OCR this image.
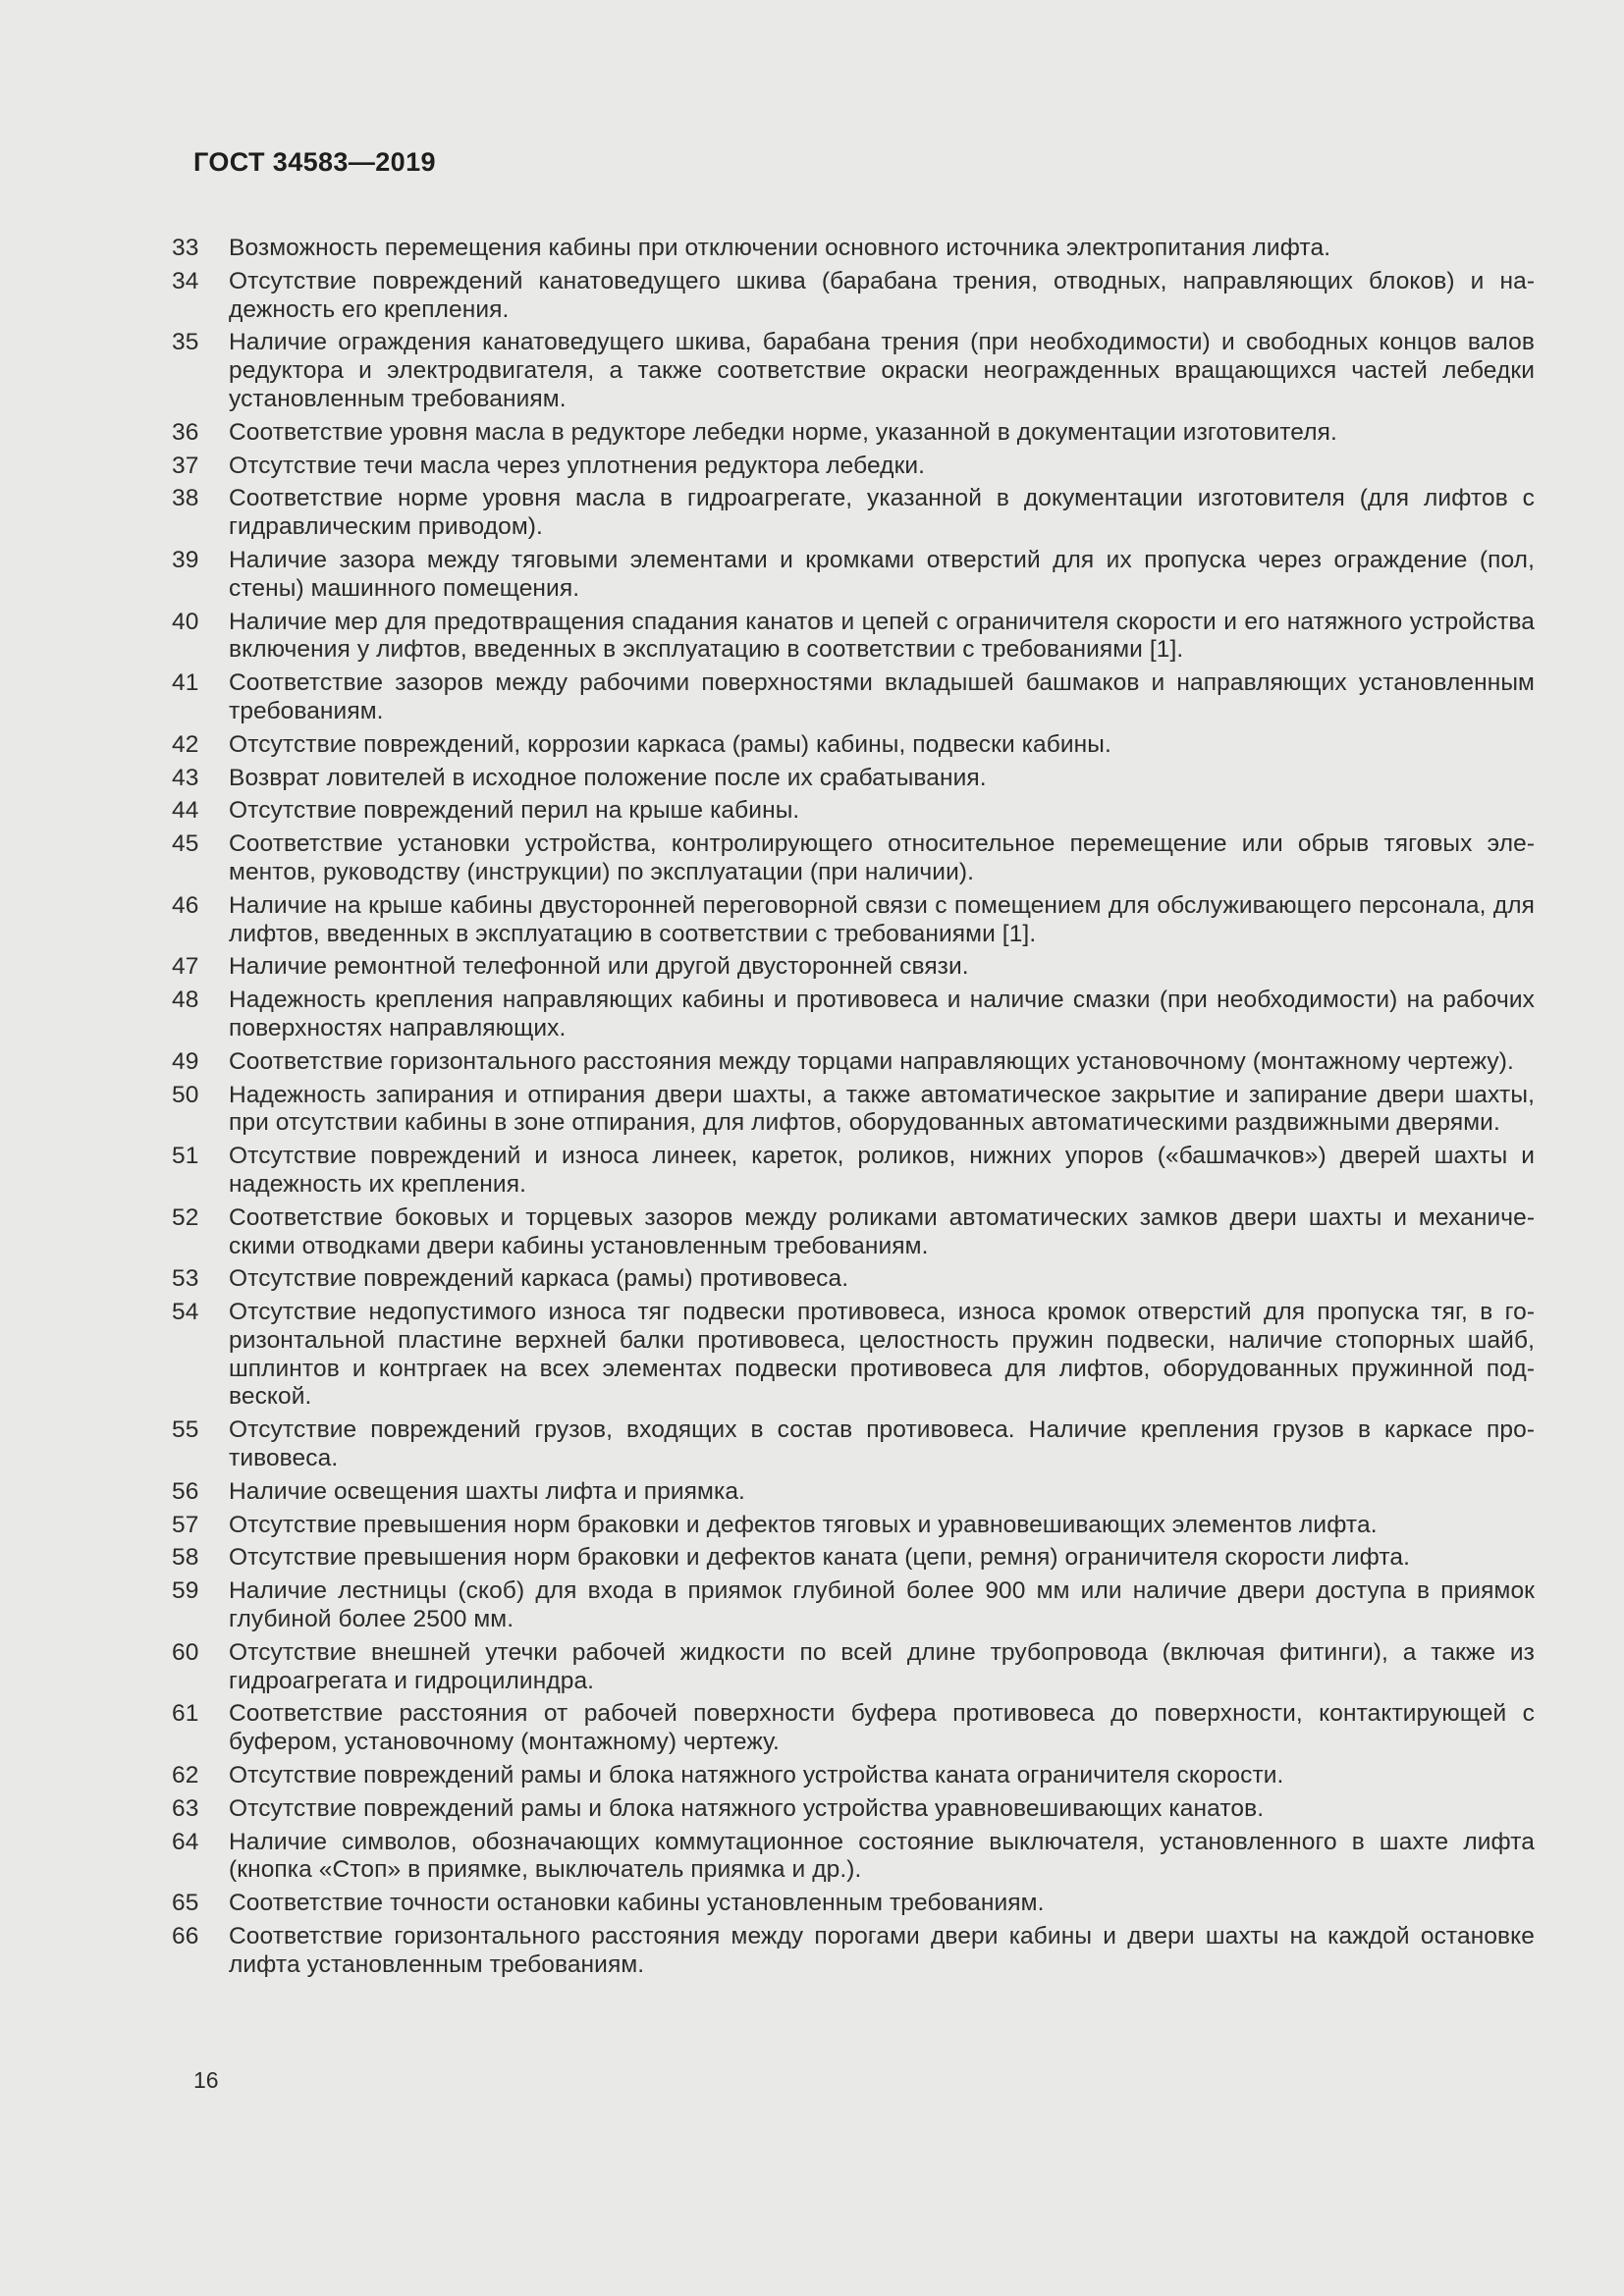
ГОСТ 34583—2019
33	Возможность перемещения кабины при отключении основного источника электропитания лифта.
34	Отсутствие повреждений канатоведущего шкива (барабана трения, отводных, направляющих блоков) и надежность его крепления.
35	Наличие ограждения канатоведущего шкива, барабана трения (при необходимости) и свободных концов валов редуктора и электродвигателя, а также соответствие окраски неогражденных вращающихся частей лебедки установленным требованиям.
36	Соответствие уровня масла в редукторе лебедки норме, указанной в документации изготовителя.
37	Отсутствие течи масла через уплотнения редуктора лебедки.
38	Соответствие норме уровня масла в гидроагрегате, указанной в документации изготовителя (для лифтов с гидравлическим приводом).
39	Наличие зазора между тяговыми элементами и кромками отверстий для их пропуска через ограждение (пол, стены) машинного помещения.
40	Наличие мер для предотвращения спадания канатов и цепей с ограничителя скорости и его натяжного устройства включения у лифтов, введенных в эксплуатацию в соответствии с требованиями [1].
41	Соответствие зазоров между рабочими поверхностями вкладышей башмаков и направляющих установленным требованиям.
42	Отсутствие повреждений, коррозии каркаса (рамы) кабины, подвески кабины.
43	Возврат ловителей в исходное положение после их срабатывания.
44	Отсутствие повреждений перил на крыше кабины.
45	Соответствие установки устройства, контролирующего относительное перемещение или обрыв тяговых элементов, руководству (инструкции) по эксплуатации (при наличии).
46	Наличие на крыше кабины двусторонней переговорной связи с помещением для обслуживающего персонала, для лифтов, введенных в эксплуатацию в соответствии с требованиями [1].
47	Наличие ремонтной телефонной или другой двусторонней связи.
48	Надежность крепления направляющих кабины и противовеса и наличие смазки (при необходимости) на рабочих поверхностях направляющих.
49	Соответствие горизонтального расстояния между торцами направляющих установочному (монтажному чертежу).
50	Надежность запирания и отпирания двери шахты, а также автоматическое закрытие и запирание двери шахты, при отсутствии кабины в зоне отпирания, для лифтов, оборудованных автоматическими раздвижными дверями.
51	Отсутствие повреждений и износа линеек, кареток, роликов, нижних упоров («башмачков») дверей шахты и надежность их крепления.
52	Соответствие боковых и торцевых зазоров между роликами автоматических замков двери шахты и механическими отводками двери кабины установленным требованиям.
53	Отсутствие повреждений каркаса (рамы) противовеса.
54	Отсутствие недопустимого износа тяг подвески противовеса, износа кромок отверстий для пропуска тяг, в горизонтальной пластине верхней балки противовеса, целостность пружин подвески, наличие стопорных шайб, шплинтов и контргаек на всех элементах подвески противовеса для лифтов, оборудованных пружинной подвеской.
55	Отсутствие повреждений грузов, входящих в состав противовеса. Наличие крепления грузов в каркасе противовеса.
56	Наличие освещения шахты лифта и приямка.
57	Отсутствие превышения норм браковки и дефектов тяговых и уравновешивающих элементов лифта.
58	Отсутствие превышения норм браковки и дефектов каната (цепи, ремня) ограничителя скорости лифта.
59	Наличие лестницы (скоб) для входа в приямок глубиной более 900 мм или наличие двери доступа в приямок глубиной более 2500 мм.
60	Отсутствие внешней утечки рабочей жидкости по всей длине трубопровода (включая фитинги), а также из гидроагрегата и гидроцилиндра.
61	Соответствие расстояния от рабочей поверхности буфера противовеса до поверхности, контактирующей с буфером, установочному (монтажному) чертежу.
62	Отсутствие повреждений рамы и блока натяжного устройства каната ограничителя скорости.
63	Отсутствие повреждений рамы и блока натяжного устройства уравновешивающих канатов.
64	Наличие символов, обозначающих коммутационное состояние выключателя, установленного в шахте лифта (кнопка «Стоп» в приямке, выключатель приямка и др.).
65	Соответствие точности остановки кабины установленным требованиям.
66	Соответствие горизонтального расстояния между порогами двери кабины и двери шахты на каждой остановке лифта установленным требованиям.
16
